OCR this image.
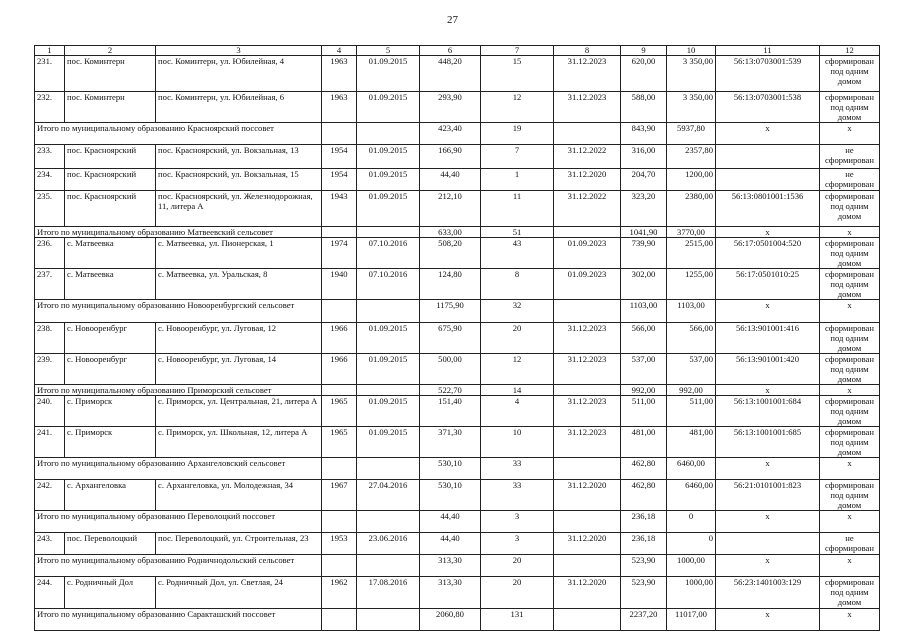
27
1	2	3	4	5	6	7	8	9	10	11	12
231.	пос. Коминтерн	пос. Коминтерн, ул. Юбилейная, 4	1963	01.09.2015	448,20	15	31.12.2023	620,00	3 350,00	56:13:0703001:539	сформирован под одним домом
232.	пос. Коминтерн	пос. Коминтерн, ул. Юбилейная, 6	1963	01.09.2015	293,90	12	31.12.2023	588,00	3 350,00	56:13:0703001:538	сформирован под одним домом
Итого по муниципальному образованию Красноярский поссовет					423,40	19		843,90	5937,80	х	х
233.	пос. Красноярский	пос. Красноярский, ул. Вокзальная, 13	1954	01.09.2015	166,90	7	31.12.2022	316,00	2357,80		не сформирован
234.	пос. Красноярский	пос. Красноярский, ул. Вокзальная, 15	1954	01.09.2015	44,40	1	31.12.2020	204,70	1200,00		не сформирован
235.	пос. Красноярский	пос. Красноярский, ул. Железнодорожная, 11, литера А	1943	01.09.2015	212,10	11	31.12.2022	323,20	2380,00	56:13:0801001:1536	сформирован под одним домом
Итого по муниципальному образованию Матвеевский сельсовет					633,00	51		1041,90	3770,00	х	х
236.	с. Матвеевка	с. Матвеевка, ул. Пионерская, 1	1974	07.10.2016	508,20	43	01.09.2023	739,90	2515,00	56:17:0501004:520	сформирован под одним домом
237.	с. Матвеевка	с. Матвеевка, ул. Уральская, 8	1940	07.10.2016	124,80	8	01.09.2023	302,00	1255,00	56:17:0501010:25	сформирован под одним домом
Итого по муниципальному образованию Новооренбургский сельсовет					1175,90	32		1103,00	1103,00	х	х
238.	с. Новооренбург	с. Новооренбург, ул. Луговая, 12	1966	01.09.2015	675,90	20	31.12.2023	566,00	566,00	56:13:901001:416	сформирован под одним домом
239.	с. Новооренбург	с. Новооренбург, ул. Луговая, 14	1966	01.09.2015	500,00	12	31.12.2023	537,00	537,00	56:13:901001:420	сформирован под одним домом
Итого по муниципальному образованию Приморский сельсовет					522,70	14		992,00	992,00	х	х
240.	с. Приморск	с. Приморск, ул. Центральная, 21, литера А	1965	01.09.2015	151,40	4	31.12.2023	511,00	511,00	56:13:1001001:684	сформирован под одним домом
241.	с. Приморск	с. Приморск, ул. Школьная, 12, литера А	1965	01.09.2015	371,30	10	31.12.2023	481,00	481,00	56:13:1001001:685	сформирован под одним домом
Итого по муниципальному образованию Архангеловский сельсовет					530,10	33		462,80	6460,00	х	х
242.	с. Архангеловка	с. Архангеловка, ул. Молодежная, 34	1967	27.04.2016	530,10	33	31.12.2020	462,80	6460,00	56:21:0101001:823	сформирован под одним домом
Итого по муниципальному образованию Переволоцкий поссовет					44,40	3		236,18	0	х	х
243.	пос. Переволоцкий	пос. Переволоцкий, ул. Строительная, 23	1953	23.06.2016	44,40	3	31.12.2020	236,18	0		не сформирован
Итого по муниципальному образованию Родничнодольский сельсовет					313,30	20		523,90	1000,00	х	х
244.	с. Родничный Дол	с. Родничный Дол, ул. Светлая, 24	1962	17.08.2016	313,30	20	31.12.2020	523,90	1000,00	56:23:1401003:129	сформирован под одним домом
Итого по муниципальному образованию Саракташский поссовет					2060,80	131		2237,20	11017,00	х	х
